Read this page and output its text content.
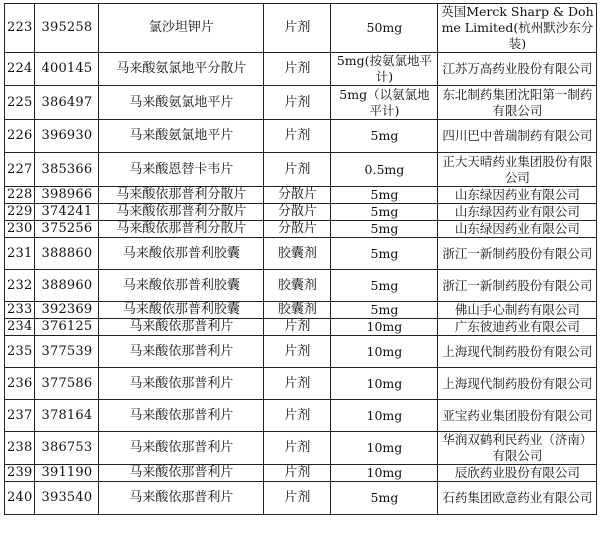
223	395258	氯沙坦钾片	片剂	50mg	英国Merck Sharp & Dohme Limited(杭州默沙东分装)
224	400145	马来酸氨氯地平分散片	片剂	5mg(按氨氯地平计)	江苏万高药业股份有限公司
225	386497	马来酸氨氯地平片	片剂	5mg（以氨氯地平计)	东北制药集团沈阳第一制药有限公司
226	396930	马来酸氨氯地平片	片剂	5mg	四川巴中普瑞制药有限公司
227	385366	马来酸恩替卡韦片	片剂	0.5mg	正大天晴药业集团股份有限公司
228	398966	马来酸依那普利分散片	分散片	5mg	山东绿因药业有限公司
229	374241	马来酸依那普利分散片	分散片	5mg	山东绿因药业有限公司
230	375256	马来酸依那普利分散片	分散片	5mg	山东绿因药业有限公司
231	388860	马来酸依那普利胶囊	胶囊剂	5mg	浙江一新制药股份有限公司
232	388960	马来酸依那普利胶囊	胶囊剂	5mg	浙江一新制药股份有限公司
233	392369	马来酸依那普利胶囊	胶囊剂	5mg	佛山手心制药有限公司
234	376125	马来酸依那普利片	片剂	10mg	广东彼迪药业有限公司
235	377539	马来酸依那普利片	片剂	10mg	上海现代制药股份有限公司
236	377586	马来酸依那普利片	片剂	10mg	上海现代制药股份有限公司
237	378164	马来酸依那普利片	片剂	10mg	亚宝药业集团股份有限公司
238	386753	马来酸依那普利片	片剂	10mg	华润双鹤利民药业（济南）有限公司
239	391190	马来酸依那普利片	片剂	10mg	辰欣药业股份有限公司
240	393540	马来酸依那普利片	片剂	5mg	石药集团欧意药业有限公司
